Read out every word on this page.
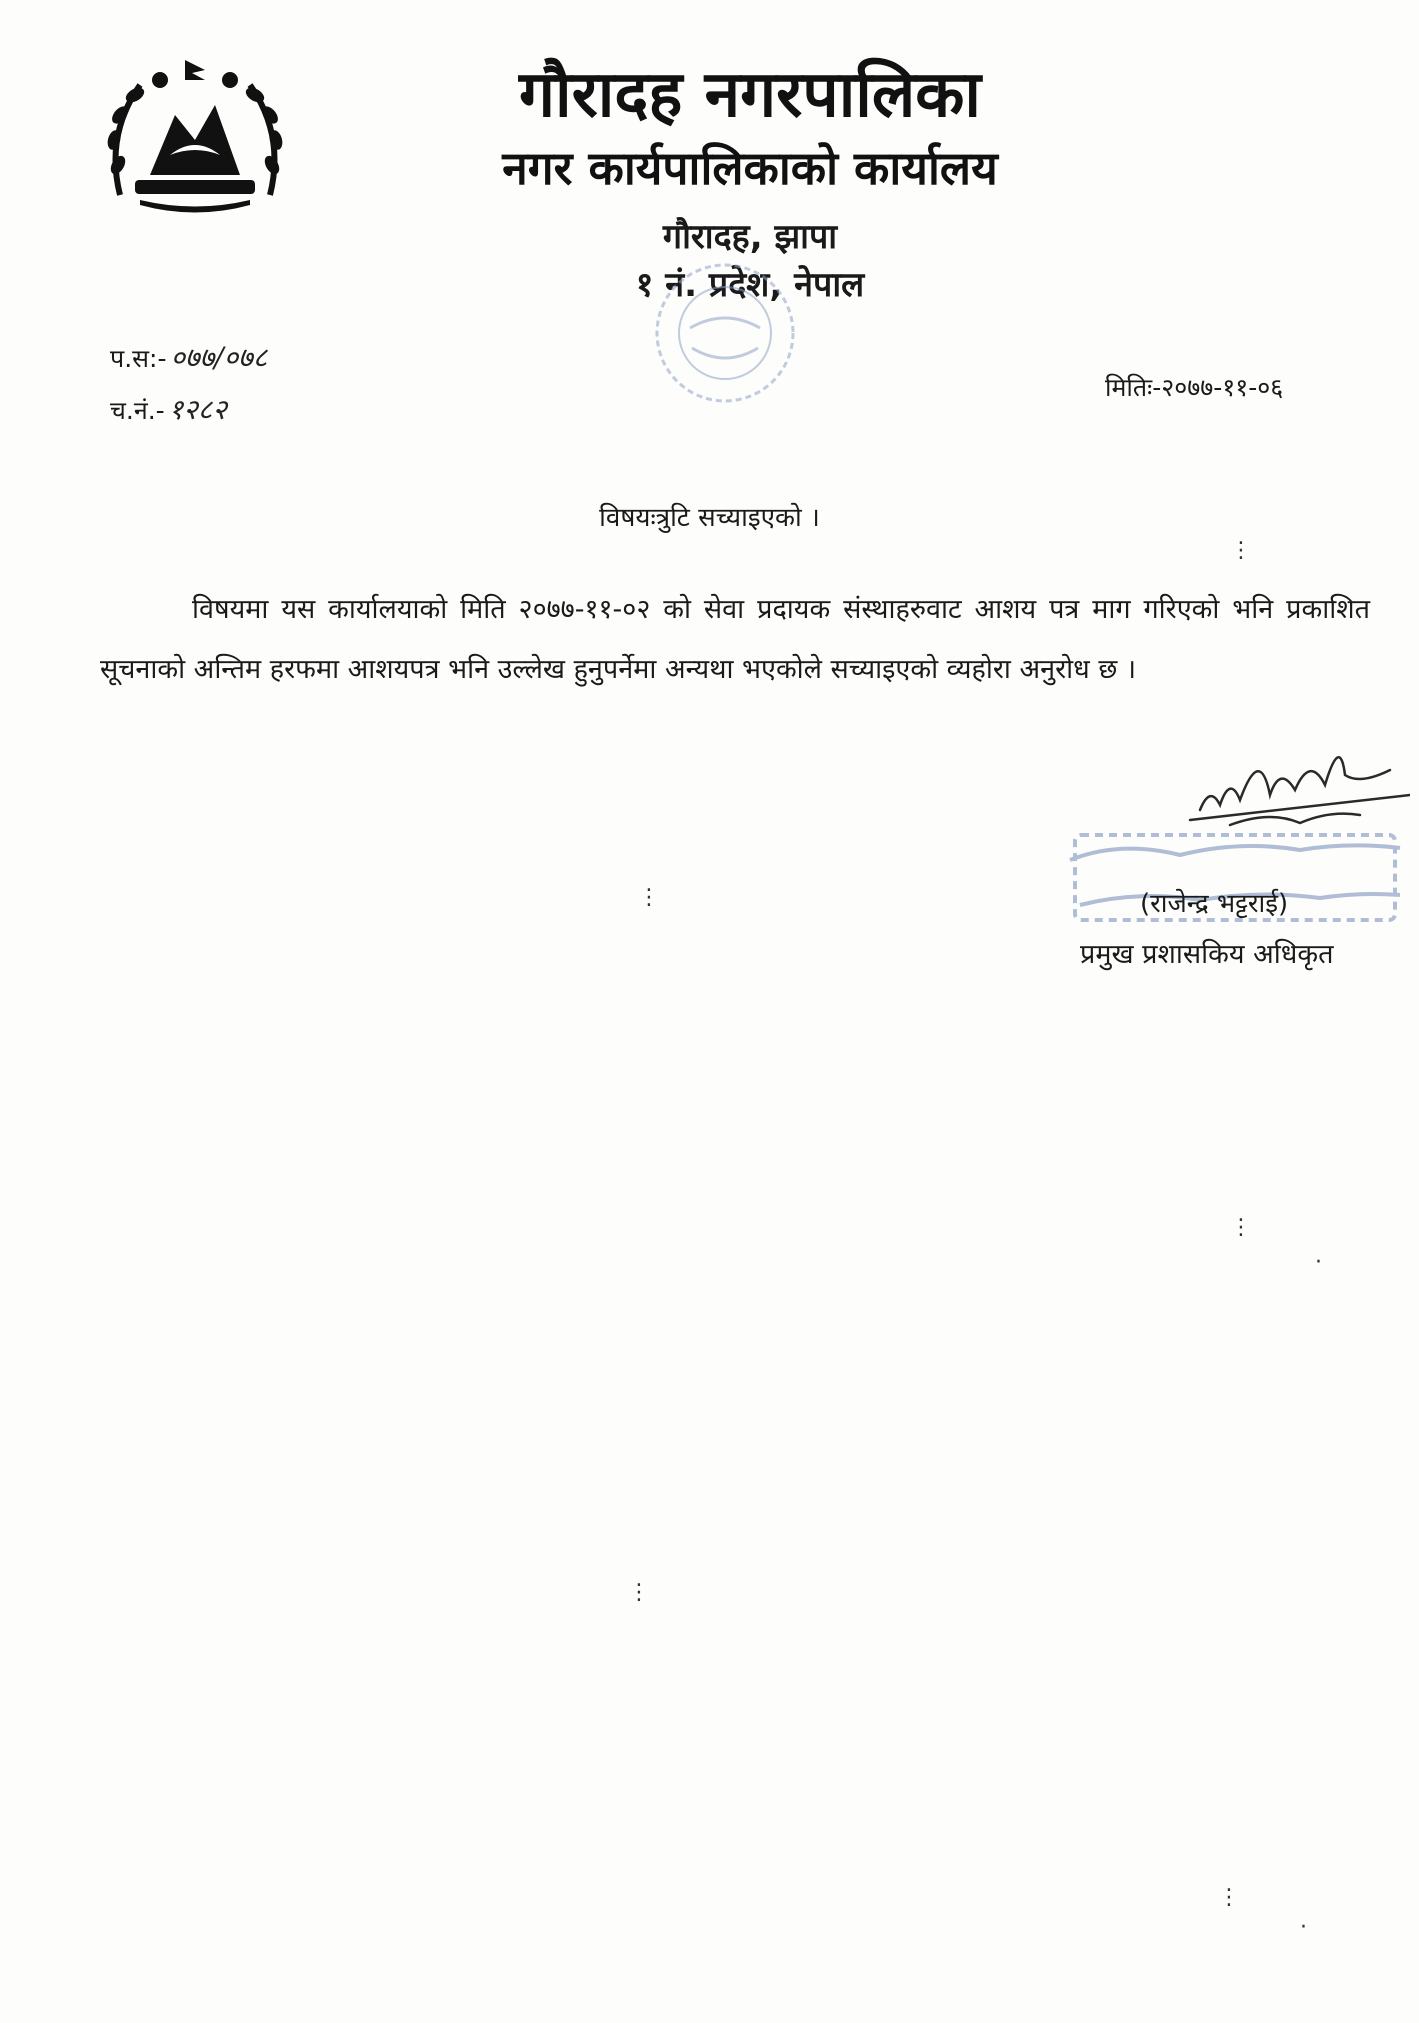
गौरादह नगरपालिका
नगर कार्यपालिकाको कार्यालय
गौरादह, झापा
१ नं. प्रदेश, नेपाल
प.स:- ०७७/०७८
च.नं.- १२८२
मितिः-२०७७-११-०६
विषयःत्रुटि सच्याइएको ।
विषयमा यस कार्यालयाको मिति २०७७-११-०२ को सेवा प्रदायक संस्थाहरुवाट आशय पत्र माग गरिएको भनि प्रकाशित सूचनाको अन्तिम हरफमा आशयपत्र भनि उल्लेख हुनुपर्नेमा अन्यथा भएकोले सच्याइएको व्यहोरा अनुरोध छ ।
(राजेन्द्र भट्टराई)
प्रमुख प्रशासकिय अधिकृत
⋮
⋮
⋮
⋮
⋮
·
·
